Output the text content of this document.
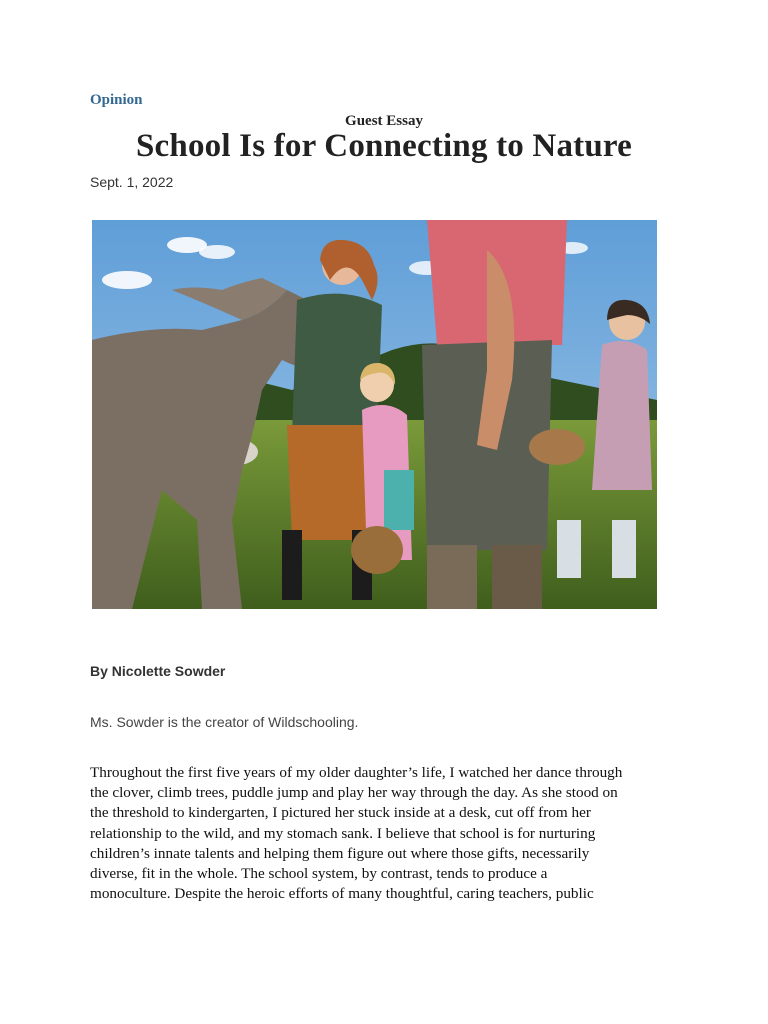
Opinion
Guest Essay
School Is for Connecting to Nature
Sept. 1, 2022
By Nicolette Sowder
Ms. Sowder is the creator of Wildschooling.
Throughout the first five years of my older daughter’s life, I watched her dance through
the clover, climb trees, puddle jump and play her way through the day. As she stood on
the threshold to kindergarten, I pictured her stuck inside at a desk, cut off from her
relationship to the wild, and my stomach sank. I believe that school is for nurturing
children’s innate talents and helping them figure out where those gifts, necessarily
diverse, fit in the whole. The school system, by contrast, tends to produce a
monoculture. Despite the heroic efforts of many thoughtful, caring teachers, public
